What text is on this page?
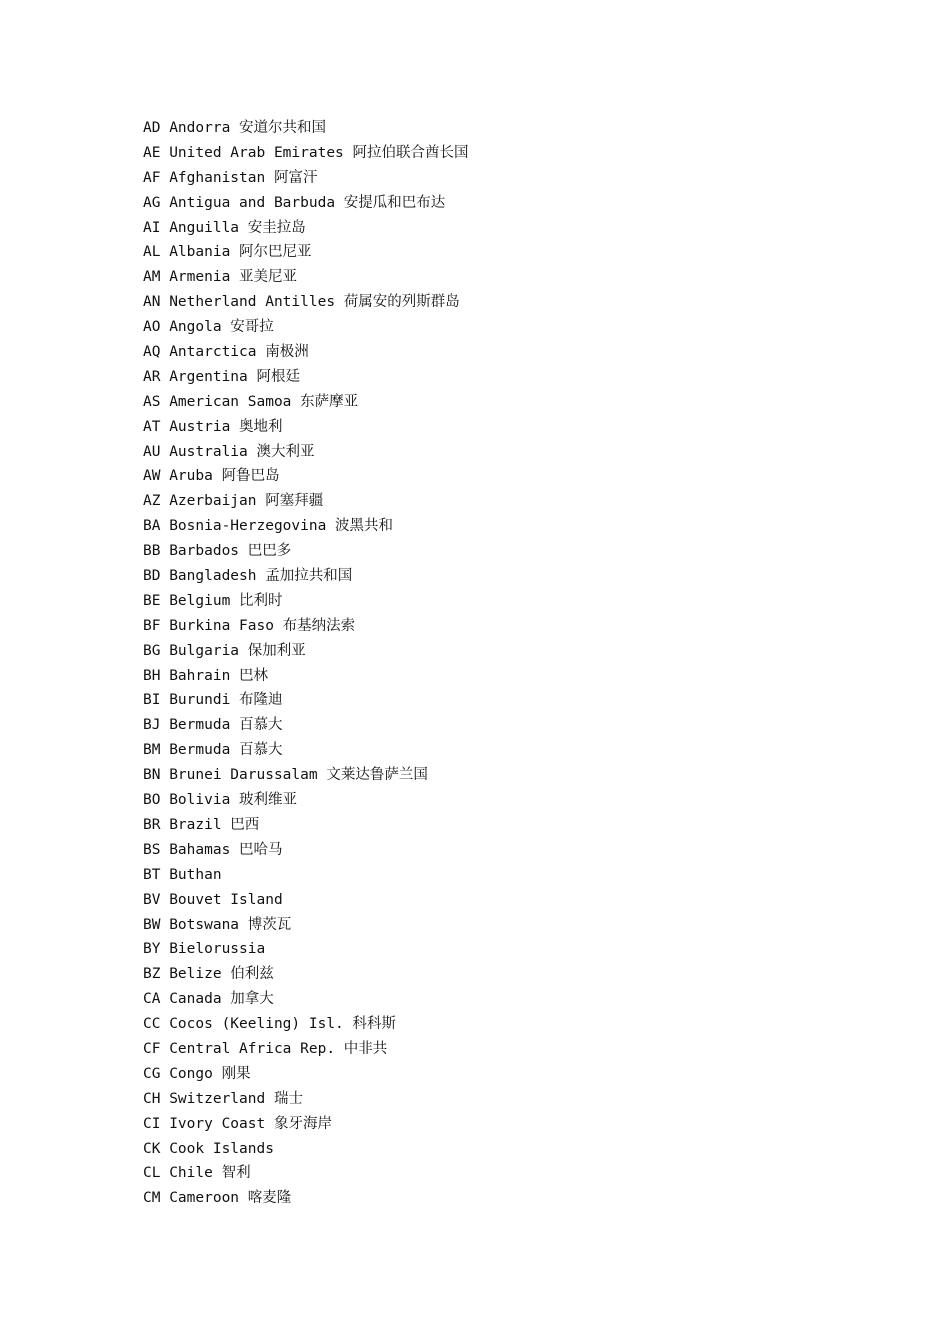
AD Andorra 安道尔共和国
AE United Arab Emirates 阿拉伯联合酋长国
AF Afghanistan 阿富汗
AG Antigua and Barbuda 安提瓜和巴布达
AI Anguilla 安圭拉岛
AL Albania 阿尔巴尼亚
AM Armenia 亚美尼亚
AN Netherland Antilles 荷属安的列斯群岛
AO Angola 安哥拉
AQ Antarctica 南极洲
AR Argentina 阿根廷
AS American Samoa 东萨摩亚
AT Austria 奥地利
AU Australia 澳大利亚
AW Aruba 阿鲁巴岛
AZ Azerbaijan 阿塞拜疆
BA Bosnia-Herzegovina 波黑共和
BB Barbados 巴巴多
BD Bangladesh 孟加拉共和国
BE Belgium 比利时
BF Burkina Faso 布基纳法索
BG Bulgaria 保加利亚
BH Bahrain 巴林
BI Burundi 布隆迪
BJ Bermuda 百慕大
BM Bermuda 百慕大
BN Brunei Darussalam 文莱达鲁萨兰国
BO Bolivia 玻利维亚
BR Brazil 巴西
BS Bahamas 巴哈马
BT Buthan
BV Bouvet Island
BW Botswana 博茨瓦
BY Bielorussia
BZ Belize 伯利兹
CA Canada 加拿大
CC Cocos (Keeling) Isl. 科科斯
CF Central Africa Rep. 中非共
CG Congo 刚果
CH Switzerland 瑞士
CI Ivory Coast 象牙海岸
CK Cook Islands
CL Chile 智利
CM Cameroon 喀麦隆
